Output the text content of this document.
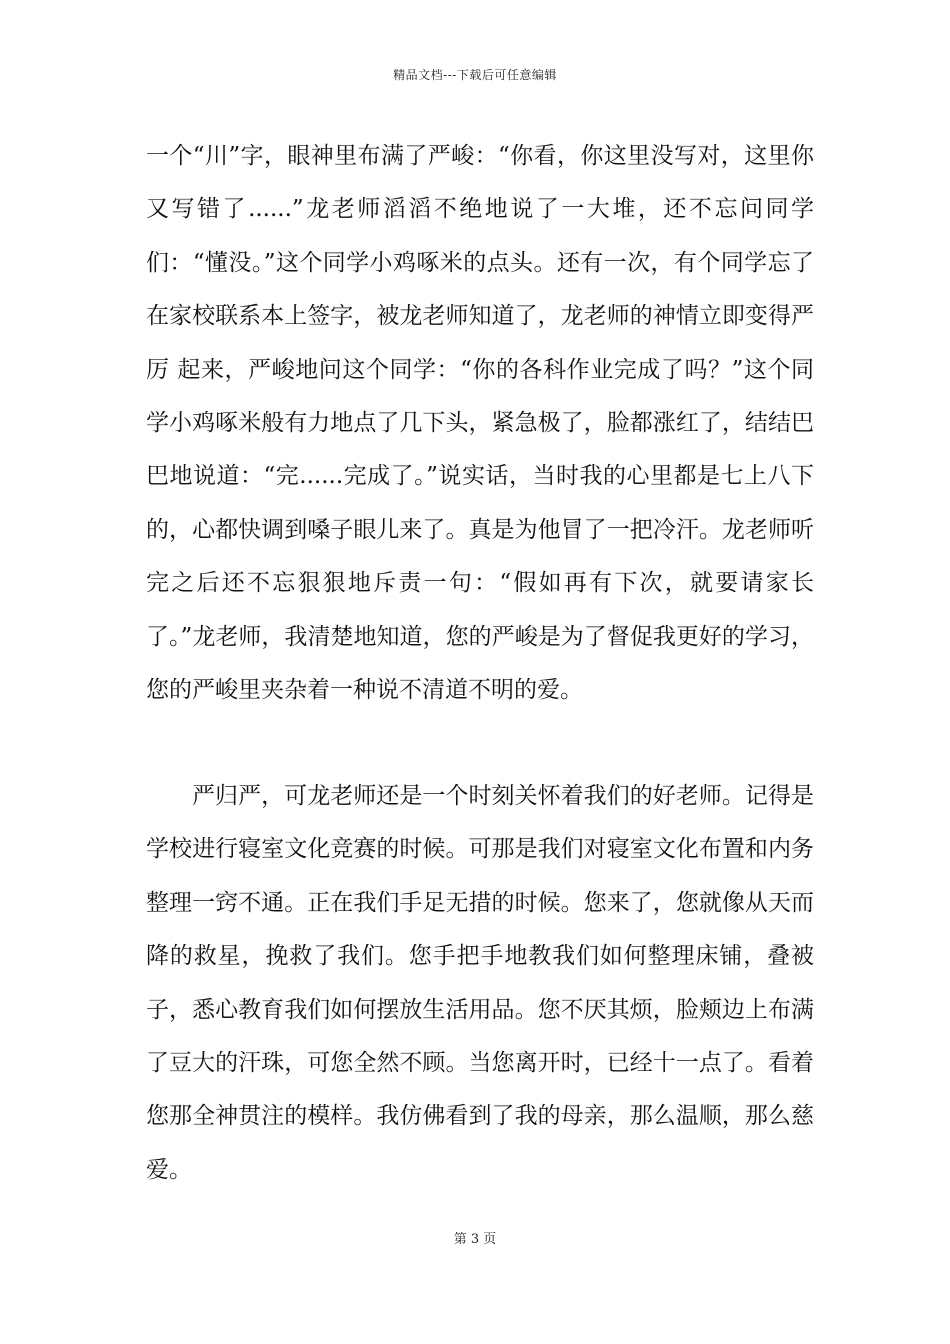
精品文档---下载后可任意编辑

一个“川”字，眼神里布满了严峻：“你看，你这里没写对，这里你又写错了......”龙老师滔滔不绝地说了一大堆，还不忘问同学们：“懂没。”这个同学小鸡啄米的点头。还有一次，有个同学忘了在家校联系本上签字，被龙老师知道了，龙老师的神情立即变得严厉 起来，严峻地问这个同学：“你的各科作业完成了吗？”这个同学小鸡啄米般有力地点了几下头，紧急极了，脸都涨红了，结结巴巴地说道：“完......完成了。”说实话，当时我的心里都是七上八下的，心都快调到嗓子眼儿来了。真是为他冒了一把冷汗。龙老师听完之后还不忘狠狠地斥责一句：“假如再有下次，就要请家长了。”龙老师，我清楚地知道，您的严峻是为了督促我更好的学习，您的严峻里夹杂着一种说不清道不明的爱。

严归严，可龙老师还是一个时刻关怀着我们的好老师。记得是学校进行寝室文化竞赛的时候。可那是我们对寝室文化布置和内务整理一窍不通。正在我们手足无措的时候。您来了，您就像从天而降的救星，挽救了我们。您手把手地教我们如何整理床铺，叠被子，悉心教育我们如何摆放生活用品。您不厌其烦，脸颊边上布满了豆大的汗珠，可您全然不顾。当您离开时，已经十一点了。看着您那全神贯注的模样。我仿佛看到了我的母亲，那么温顺，那么慈爱。

第 3 页
